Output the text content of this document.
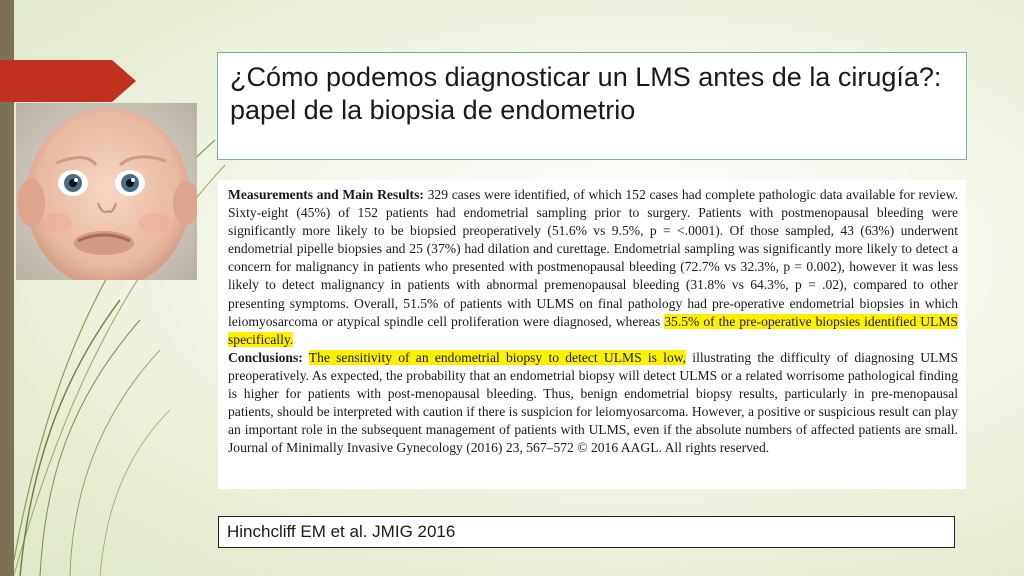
¿Cómo podemos diagnosticar un LMS antes de la cirugía?: papel de la biopsia de endometrio

Measurements and Main Results: 329 cases were identified, of which 152 cases had complete pathologic data available for review. Sixty-eight (45%) of 152 patients had endometrial sampling prior to surgery. Patients with postmenopausal bleeding were significantly more likely to be biopsied preoperatively (51.6% vs 9.5%, p = <.0001). Of those sampled, 43 (63%) underwent endometrial pipelle biopsies and 25 (37%) had dilation and curettage. Endometrial sampling was significantly more likely to detect a concern for malignancy in patients who presented with postmenopausal bleeding (72.7% vs 32.3%, p = 0.002), however it was less likely to detect malignancy in patients with abnormal premenopausal bleeding (31.8% vs 64.3%, p = .02), compared to other presenting symptoms. Overall, 51.5% of patients with ULMS on final pathology had pre-operative endometrial biopsies in which leiomyosarcoma or atypical spindle cell proliferation were diagnosed, whereas 35.5% of the pre-operative biopsies identified ULMS specifically.
Conclusions: The sensitivity of an endometrial biopsy to detect ULMS is low, illustrating the difficulty of diagnosing ULMS preoperatively. As expected, the probability that an endometrial biopsy will detect ULMS or a related worrisome pathological finding is higher for patients with post-menopausal bleeding. Thus, benign endometrial biopsy results, particularly in pre-menopausal patients, should be interpreted with caution if there is suspicion for leiomyosarcoma. However, a positive or suspicious result can play an important role in the subsequent management of patients with ULMS, even if the absolute numbers of affected patients are small. Journal of Minimally Invasive Gynecology (2016) 23, 567–572 © 2016 AAGL. All rights reserved.

Hinchcliff EM et al. JMIG 2016
